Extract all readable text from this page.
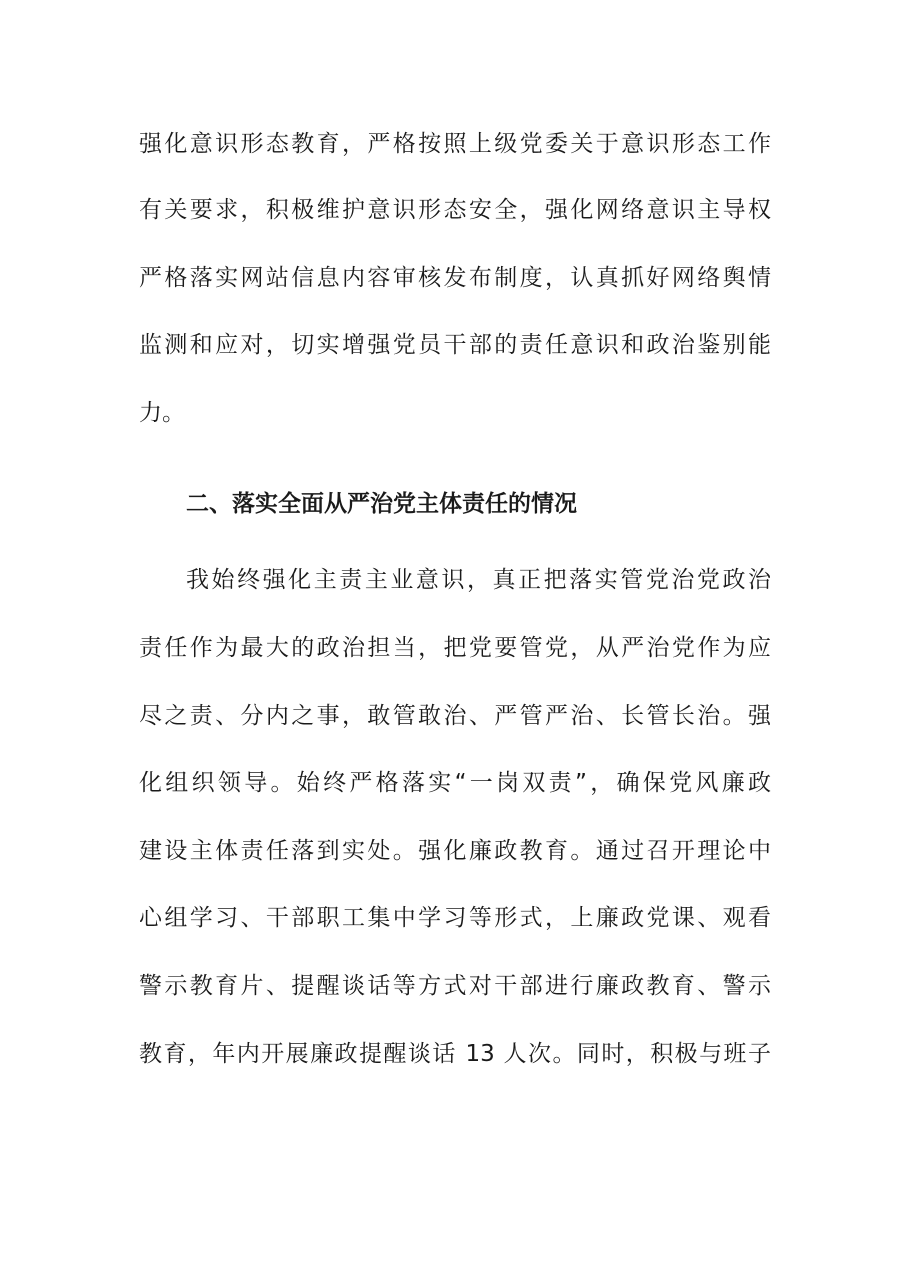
强化意识形态教育，严格按照上级党委关于意识形态工作
有关要求，积极维护意识形态安全，强化网络意识主导权
严格落实网站信息内容审核发布制度，认真抓好网络舆情
监测和应对，切实增强党员干部的责任意识和政治鉴别能
力。
二、落实全面从严治党主体责任的情况
我始终强化主责主业意识，真正把落实管党治党政治
责任作为最大的政治担当，把党要管党，从严治党作为应
尽之责、分内之事，敢管敢治、严管严治、长管长治。强
化组织领导。始终严格落实“一岗双责”，确保党风廉政
建设主体责任落到实处。强化廉政教育。通过召开理论中
心组学习、干部职工集中学习等形式，上廉政党课、观看
警示教育片、提醒谈话等方式对干部进行廉政教育、警示
教育，年内开展廉政提醒谈话 13 人次。同时，积极与班子
